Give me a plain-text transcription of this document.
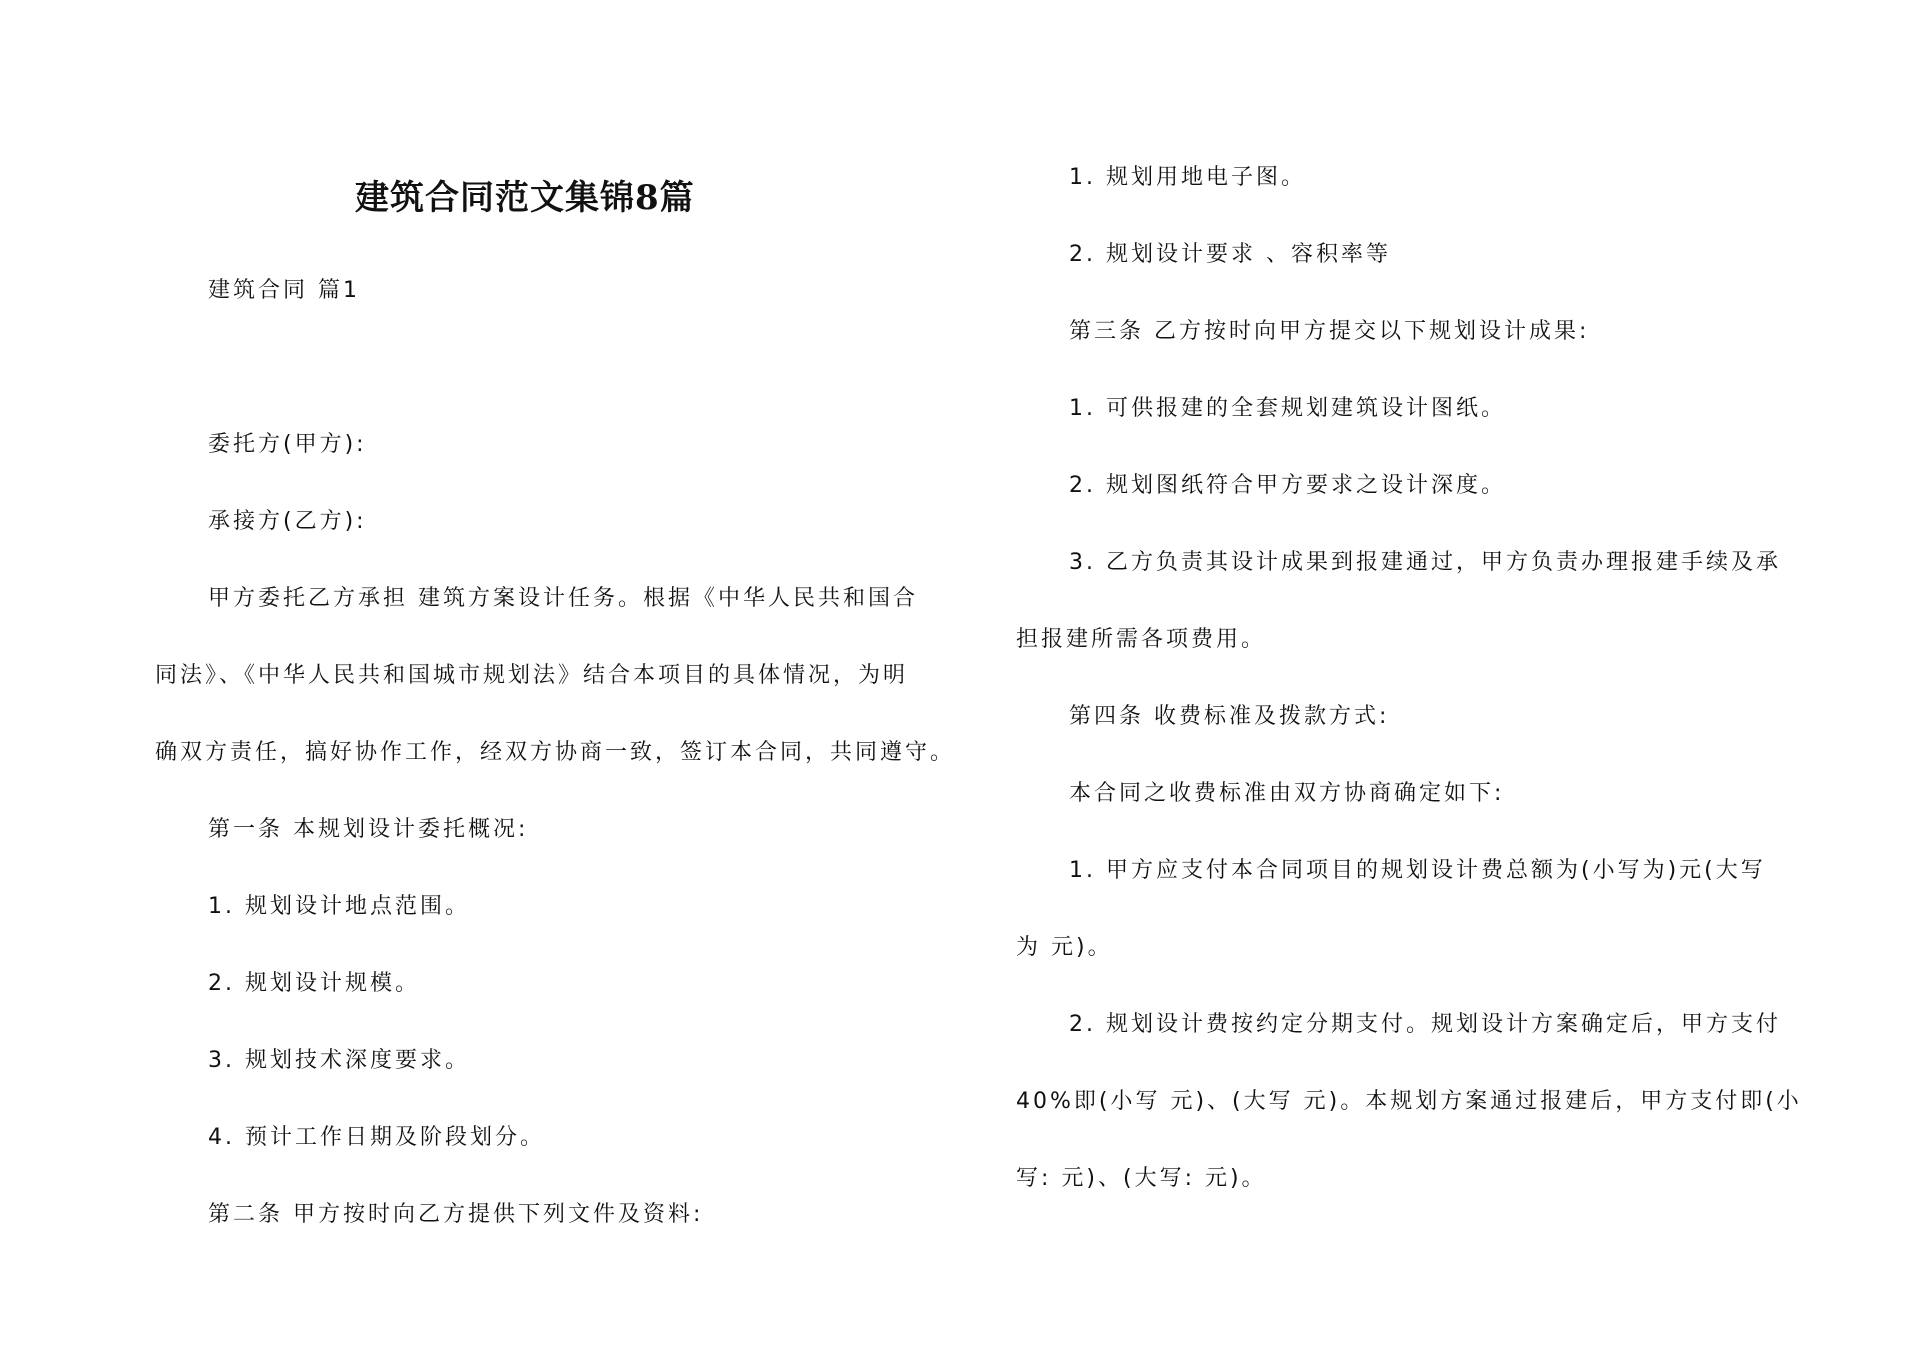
建筑合同范文集锦8篇
建筑合同 篇1
委托方(甲方):
承接方(乙方):
甲方委托乙方承担 建筑方案设计任务。根据《中华人民共和国合
同法》、《中华人民共和国城市规划法》结合本项目的具体情况，为明
确双方责任，搞好协作工作，经双方协商一致，签订本合同，共同遵守。
第一条 本规划设计委托概况:
1. 规划设计地点范围。
2. 规划设计规模。
3. 规划技术深度要求。
4. 预计工作日期及阶段划分。
第二条 甲方按时向乙方提供下列文件及资料:
1. 规划用地电子图。
2. 规划设计要求 、容积率等
第三条 乙方按时向甲方提交以下规划设计成果:
1. 可供报建的全套规划建筑设计图纸。
2. 规划图纸符合甲方要求之设计深度。
3. 乙方负责其设计成果到报建通过，甲方负责办理报建手续及承
担报建所需各项费用。
第四条 收费标准及拨款方式:
本合同之收费标准由双方协商确定如下:
1. 甲方应支付本合同项目的规划设计费总额为(小写为)元(大写
为 元)。
2. 规划设计费按约定分期支付。规划设计方案确定后，甲方支付
40%即(小写 元)、(大写 元)。本规划方案通过报建后，甲方支付即(小
写: 元)、(大写: 元)。
